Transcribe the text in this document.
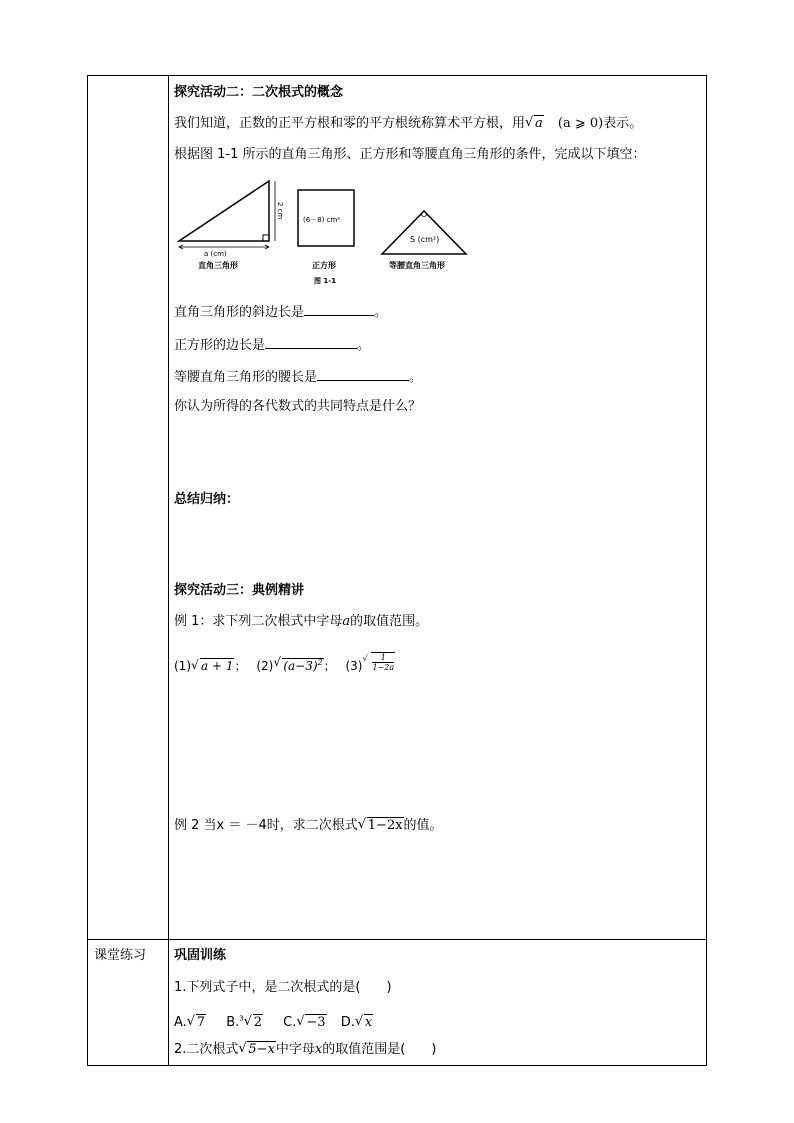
探究活动二：二次根式的概念
我们知道，正数的正平方根和零的平方根统称算术平方根，用 √ a (a ⩾ 0)表示。
根据图 1-1 所示的直角三角形、正方形和等腰直角三角形的条件，完成以下填空：
a (cm)
2 cm
直角三角形
(6－8) cm²
正方形
图 1-1
S (cm²)
等腰直角三角形
直角三角形的斜边长是	。
正方形的边长是	。
等腰直角三角形的腰长是	。
你认为所得的各代数式的共同特点是什么？
总结归纳：
探究活动三：典例精讲
例 1：求下列二次根式中字母a的取值范围。
(1) √ a + 1； (2) √ $(a-3)^2$； (3) √ $\frac{1}{1-2a}$
例 2 当x ＝ －4时，求二次根式 √ 1−2x的值。
课堂练习 巩固训练
1.下列式子中，是二次根式的是(　　)
A. √ 7 B.$^3$ √ 2 C. √ −3 D. √ x
2.二次根式 √ 5−x中字母x的取值范围是(　　)
